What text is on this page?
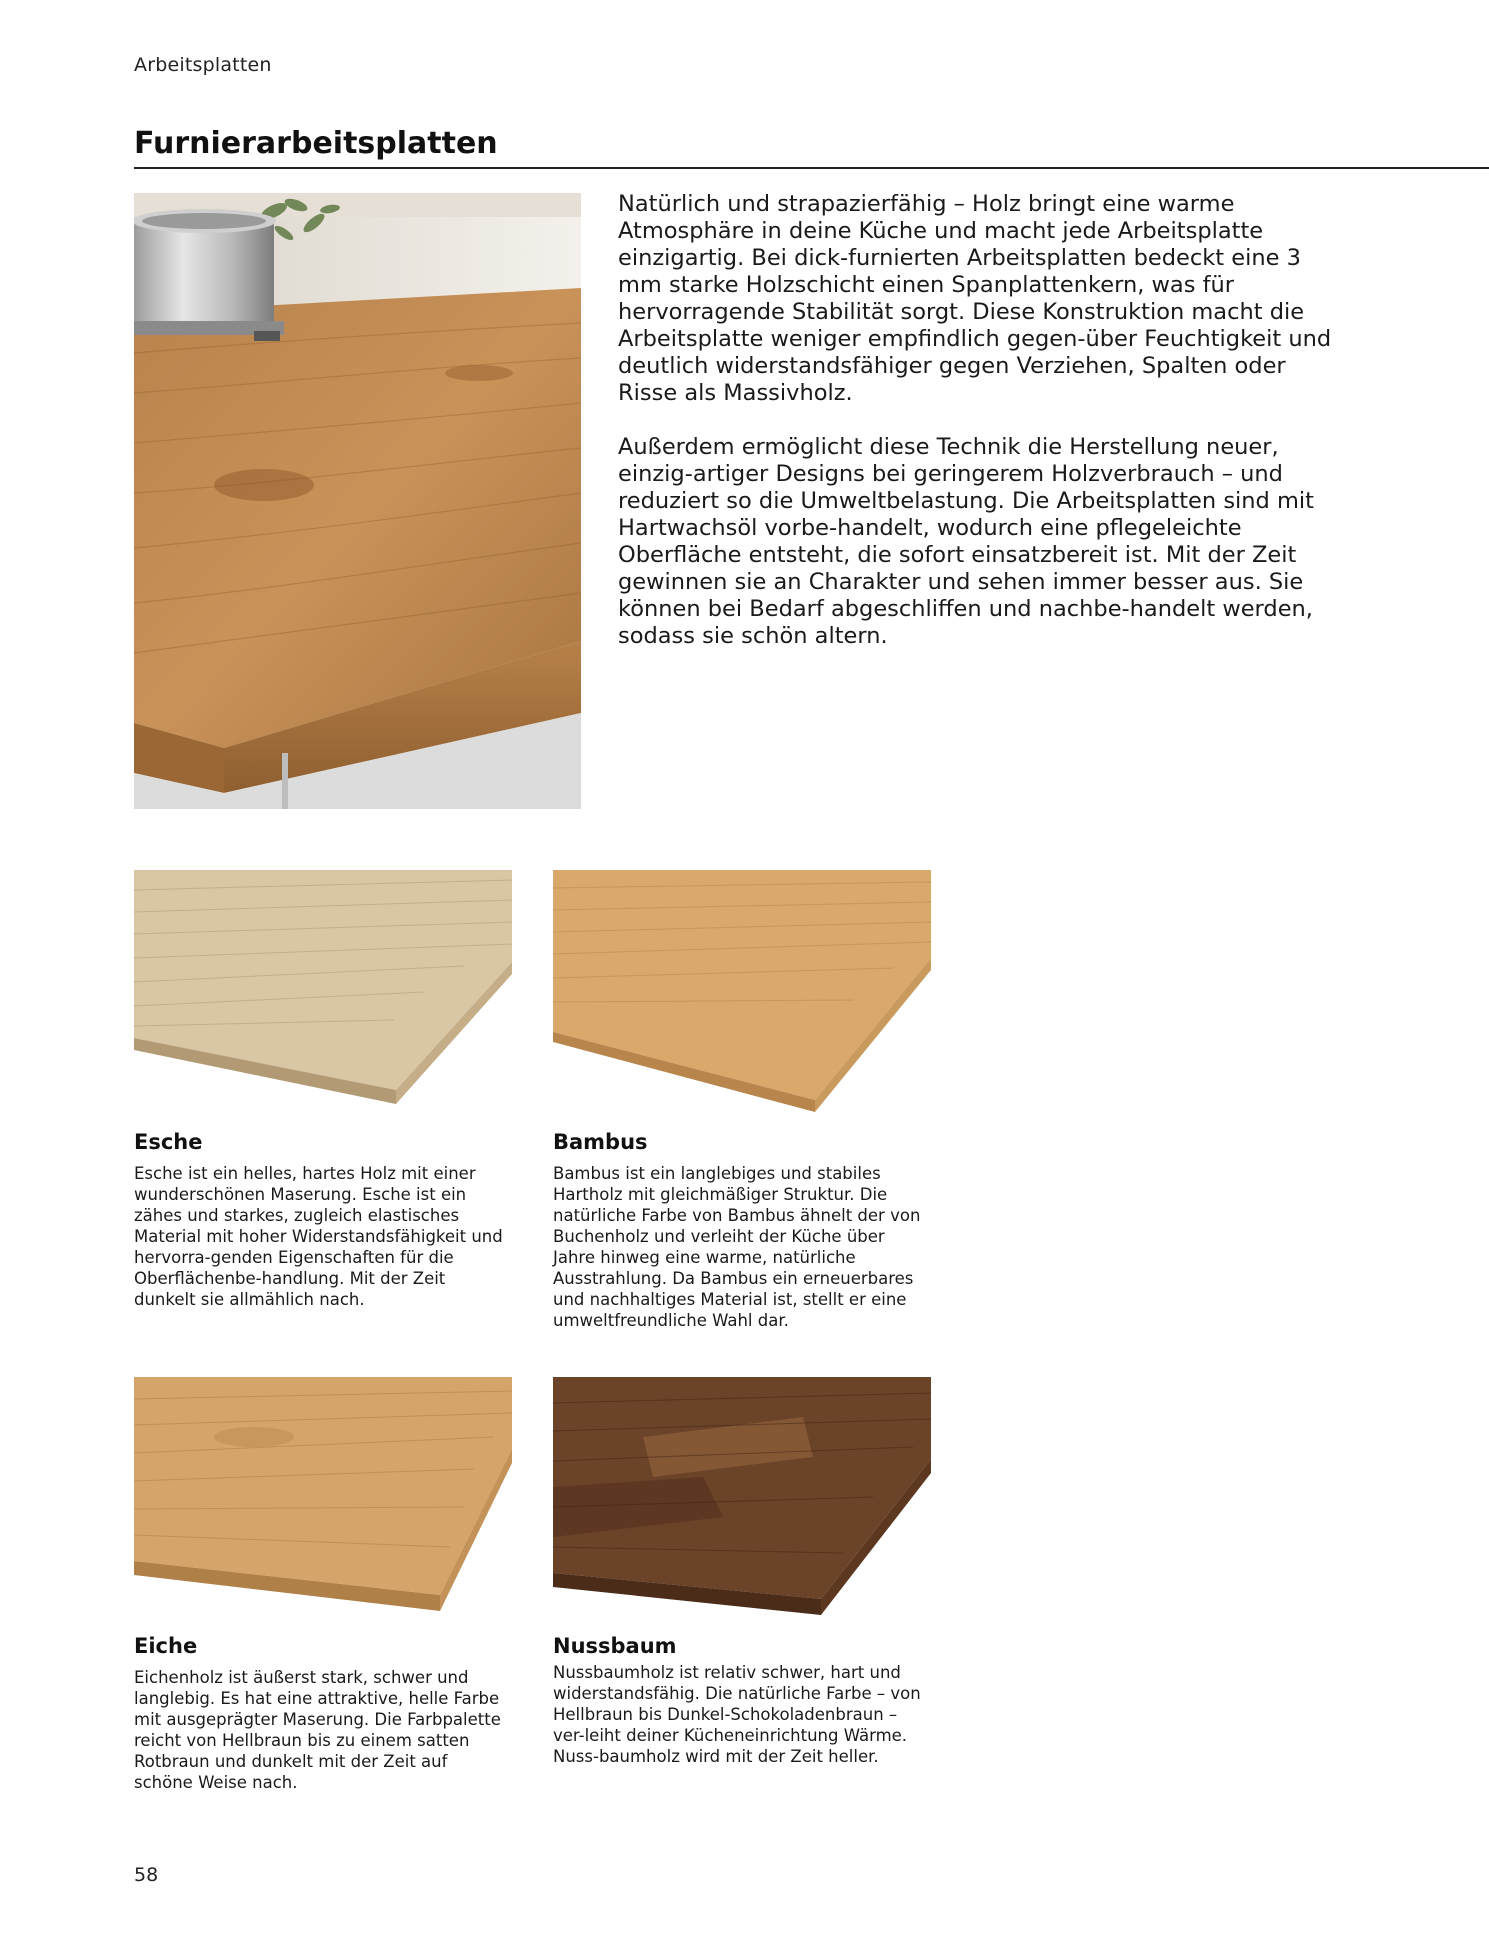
Arbeitsplatten
Furnierarbeitsplatten

Natürlich und strapazierfähig – Holz bringt eine warme Atmosphäre in deine Küche und macht jede Arbeitsplatte einzigartig. Bei dick-furnierten Arbeitsplatten bedeckt eine 3 mm starke Holzschicht einen Spanplattenkern, was für hervorragende Stabilität sorgt. Diese Konstruktion macht die Arbeitsplatte weniger empfindlich gegen-über Feuchtigkeit und deutlich widerstandsfähiger gegen Verziehen, Spalten oder Risse als Massivholz.

Außerdem ermöglicht diese Technik die Herstellung neuer, einzig-artiger Designs bei geringerem Holzverbrauch – und reduziert so die Umweltbelastung. Die Arbeitsplatten sind mit Hartwachsöl vorbe-handelt, wodurch eine pflegeleichte Oberfläche entsteht, die sofort einsatzbereit ist. Mit der Zeit gewinnen sie an Charakter und sehen immer besser aus. Sie können bei Bedarf abgeschliffen und nachbe-handelt werden, sodass sie schön altern.

Esche
Esche ist ein helles, hartes Holz mit einer wunderschönen Maserung. Esche ist ein zähes und starkes, zugleich elastisches Material mit hoher Widerstandsfähigkeit und hervorra-genden Eigenschaften für die Oberflächenbe-handlung. Mit der Zeit dunkelt sie allmählich nach.
Bambus
Bambus ist ein langlebiges und stabiles Hartholz mit gleichmäßiger Struktur. Die natürliche Farbe von Bambus ähnelt der von Buchenholz und verleiht der Küche über Jahre hinweg eine warme, natürliche Ausstrahlung. Da Bambus ein erneuerbares und nachhaltiges Material ist, stellt er eine umweltfreundliche Wahl dar.
Eiche
Eichenholz ist äußerst stark, schwer und langlebig. Es hat eine attraktive, helle Farbe mit ausgeprägter Maserung. Die Farbpalette reicht von Hellbraun bis zu einem satten Rotbraun und dunkelt mit der Zeit auf schöne Weise nach.
Nussbaum
Nussbaumholz ist relativ schwer, hart und widerstandsfähig. Die natürliche Farbe – von Hellbraun bis Dunkel-Schokoladenbraun – ver-leiht deiner Kücheneinrichtung Wärme. Nuss-baumholz wird mit der Zeit heller.
58
